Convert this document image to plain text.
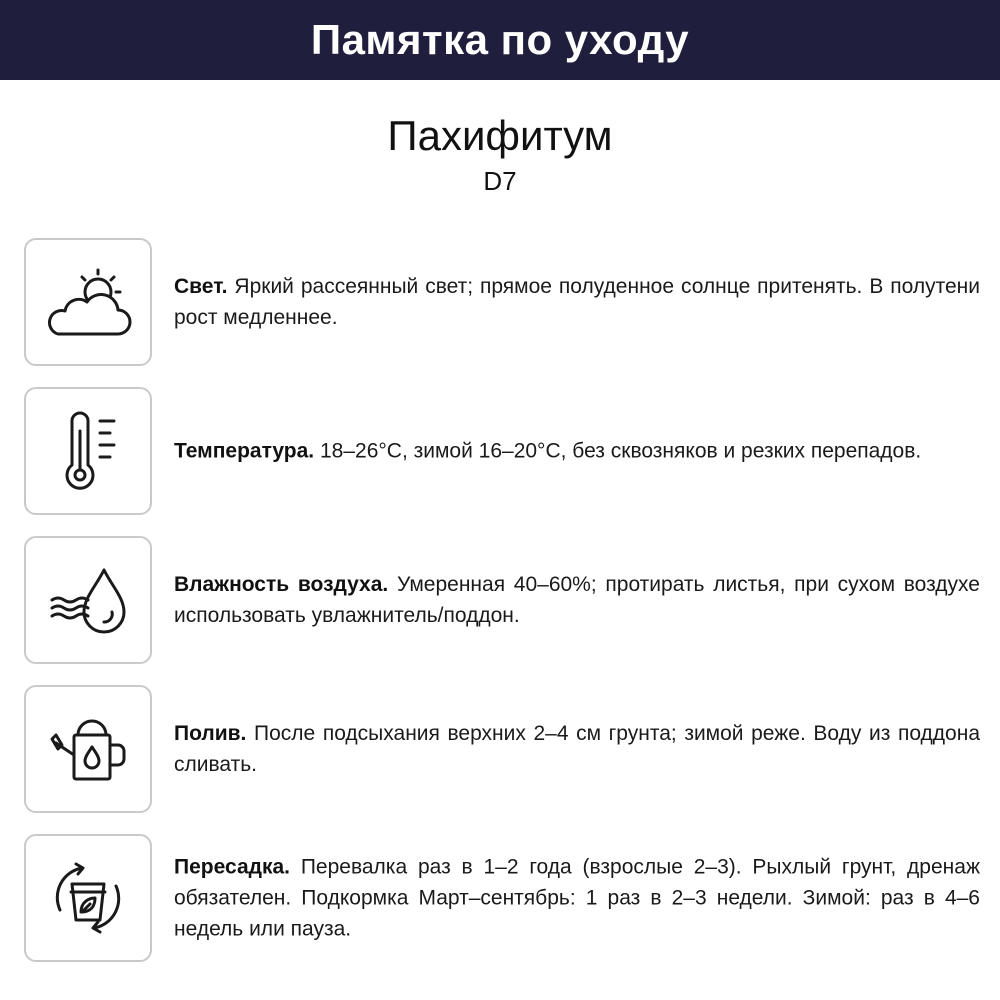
Памятка по уходу
Пахифитум
D7
Свет. Яркий рассеянный свет; прямое полуденное солнце притенять. В полутени рост медленнее.
Температура. 18–26°C, зимой 16–20°C, без сквозняков и резких перепадов.
Влажность воздуха. Умеренная 40–60%; протирать листья, при сухом воздухе использовать увлажнитель/поддон.
Полив. После подсыхания верхних 2–4 см грунта; зимой реже. Воду из поддона сливать.
Пересадка. Перевалка раз в 1–2 года (взрослые 2–3). Рыхлый грунт, дренаж обязателен. Подкормка Март–сентябрь: 1 раз в 2–3 недели. Зимой: раз в 4–6 недель или пауза.
